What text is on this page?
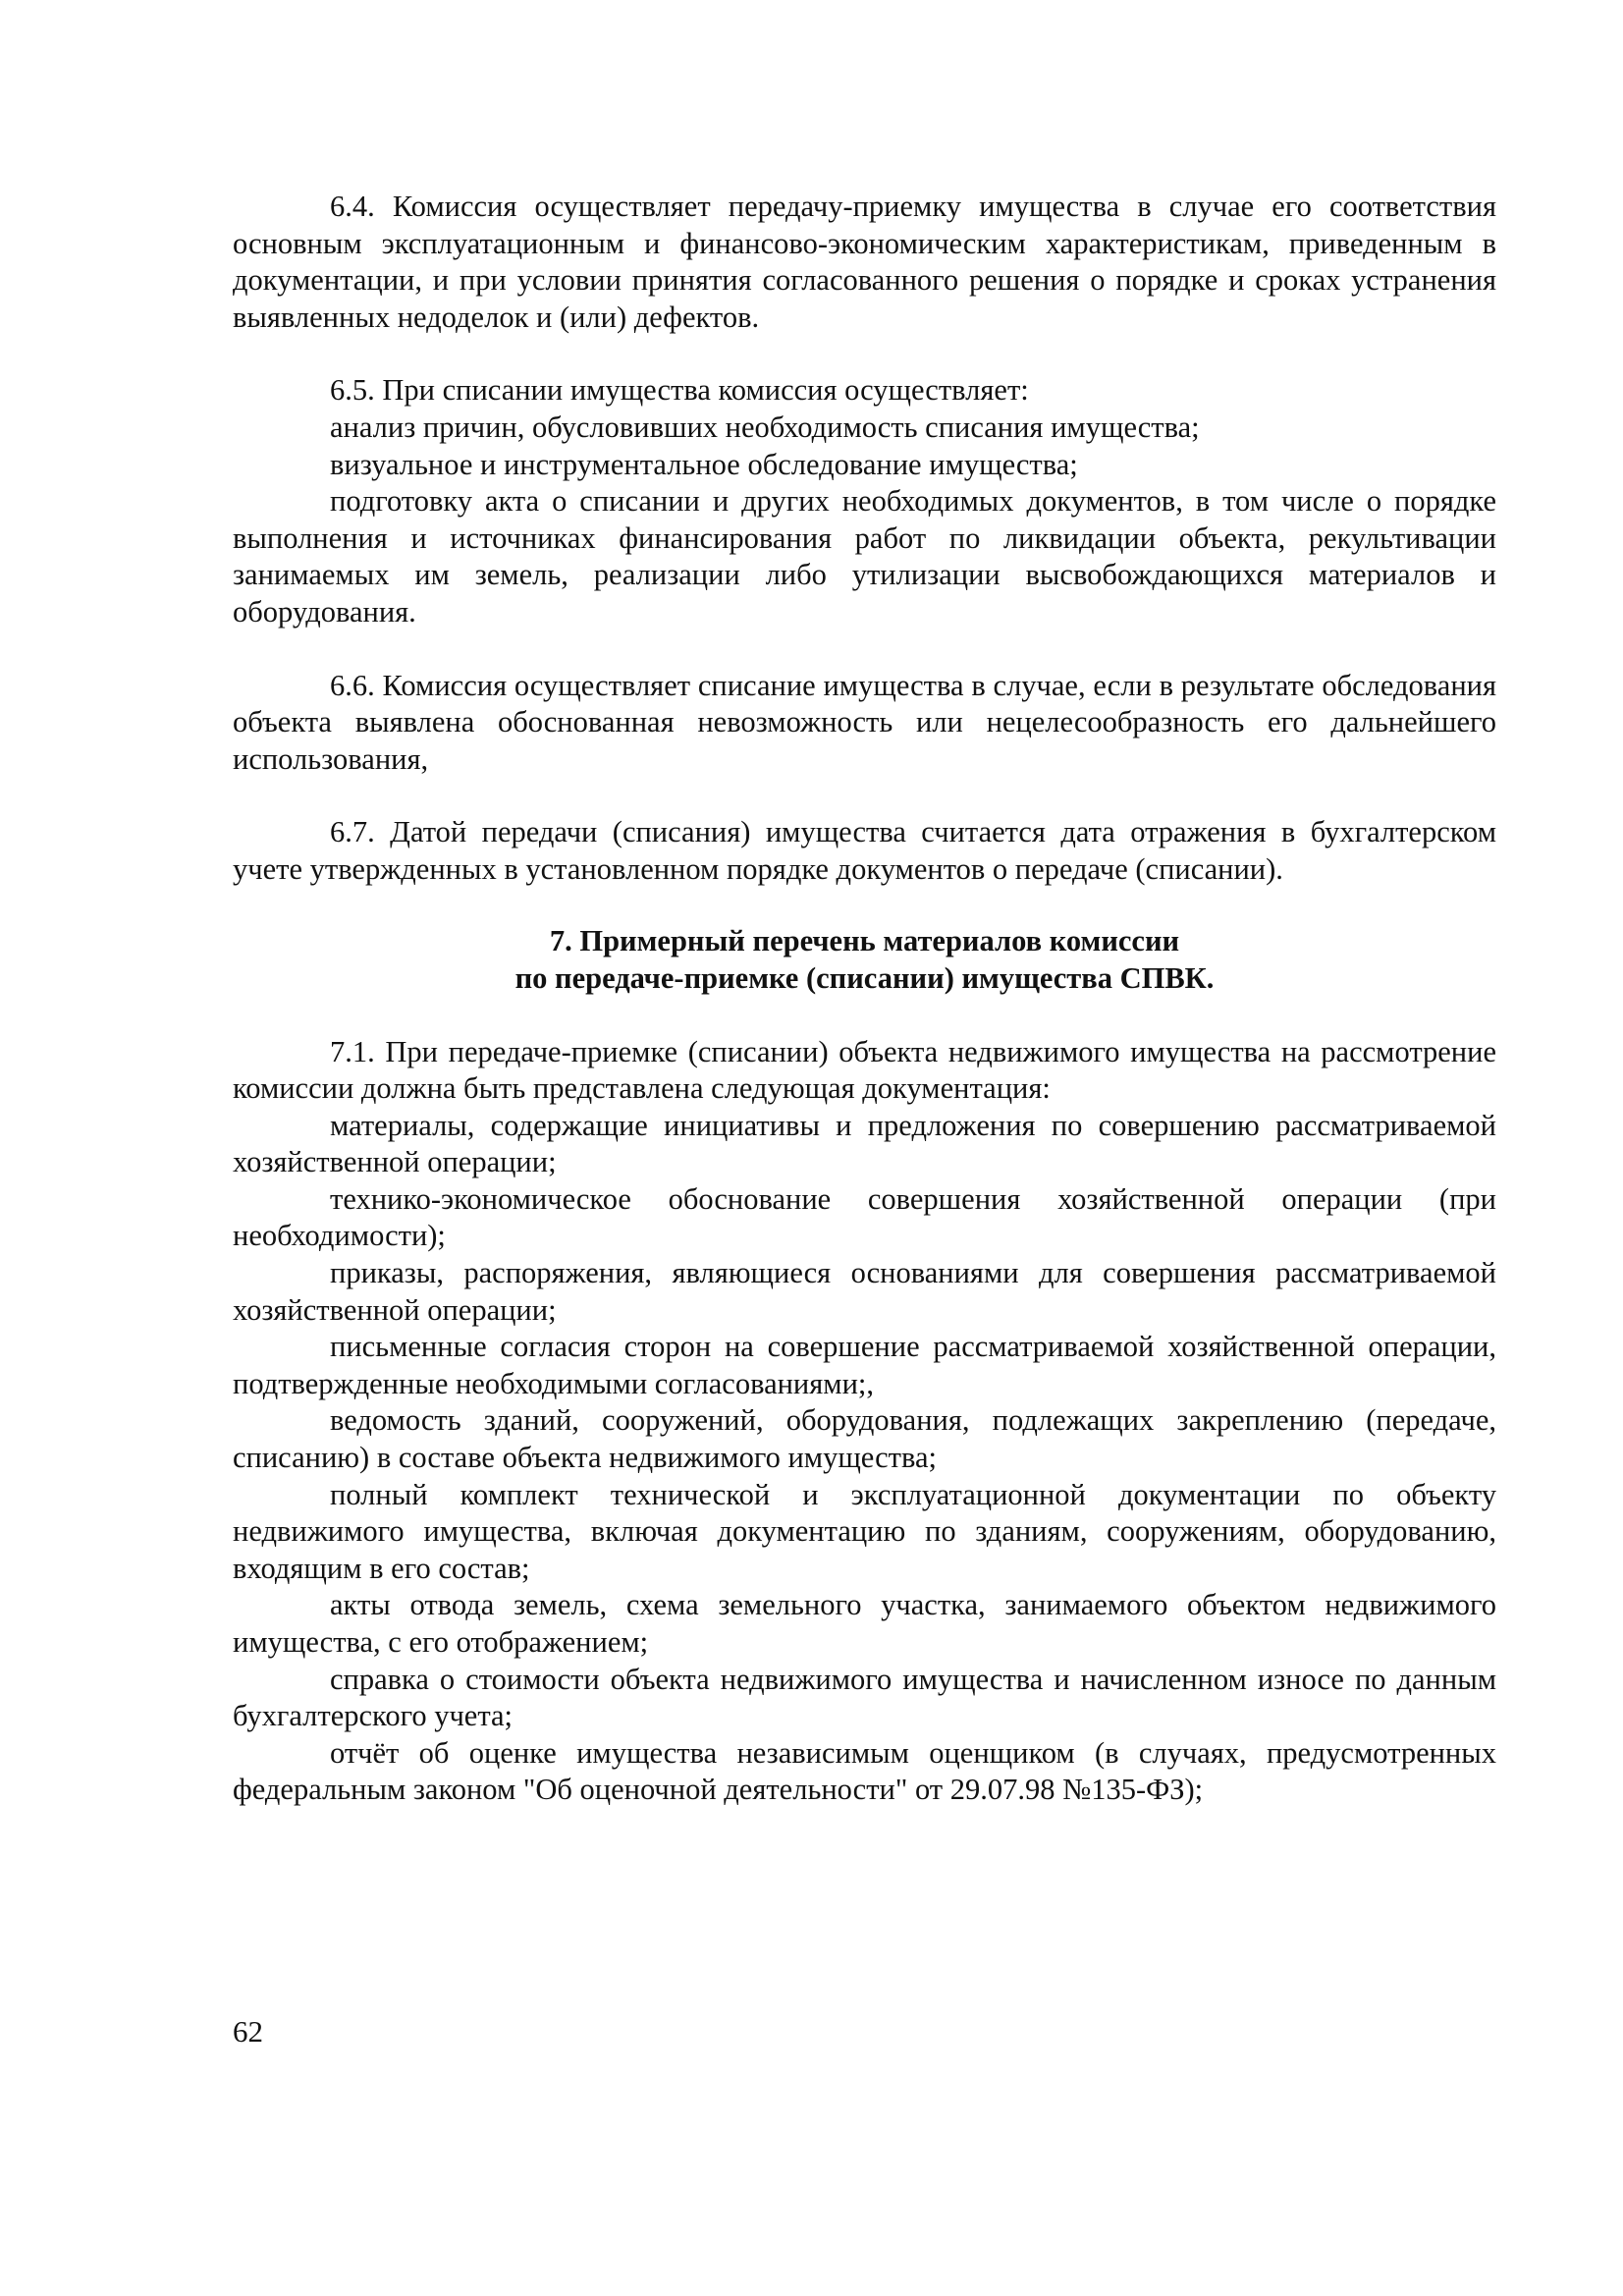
6.4. Комиссия осуществляет передачу-приемку имущества в случае его соответствия основным эксплуатационным и финансово-экономическим характеристикам, приведенным в документации, и при условии принятия согласованного решения о порядке и сроках устранения выявленных недоделок и (или) дефектов.

6.5. При списании имущества комиссия осуществляет:

анализ причин, обусловивших необходимость списания имущества;

визуальное и инструментальное обследование имущества;

подготовку акта о списании и других необходимых документов, в том числе о порядке выполнения и источниках финансирования работ по ликвидации объекта, рекультивации занимаемых им земель, реализации либо утилизации высвобождающихся материалов и оборудования.

6.6. Комиссия осуществляет списание имущества в случае, если в результате обследования объекта выявлена обоснованная невозможность или нецелесообразность его дальнейшего использования,

6.7. Датой передачи (списания) имущества считается дата отражения в бухгалтерском учете утвержденных в установленном порядке документов о передаче (списании).

7. Примерный перечень материалов комиссии
по передаче-приемке (списании) имущества СПВК.

7.1. При передаче-приемке (списании) объекта недвижимого имущества на рассмотрение комиссии должна быть представлена следующая документация:

материалы, содержащие инициативы и предложения по совершению рассматриваемой хозяйственной операции;

технико-экономическое обоснование совершения хозяйственной операции (при необходимости);

приказы, распоряжения, являющиеся основаниями для совершения рассматриваемой хозяйственной операции;

письменные согласия сторон на совершение рассматриваемой хозяйственной операции, подтвержденные необходимыми согласованиями;,

ведомость зданий, сооружений, оборудования, подлежащих закреплению (передаче, списанию) в составе объекта недвижимого имущества;

полный комплект технической и эксплуатационной документации по объекту недвижимого имущества, включая документацию по зданиям, сооружениям, оборудованию, входящим в его состав;

акты отвода земель, схема земельного участка, занимаемого объектом недвижимого имущества, с его отображением;

справка о стоимости объекта недвижимого имущества и начисленном износе по данным бухгалтерского учета;

отчёт об оценке имущества независимым оценщиком (в случаях, предусмотренных федеральным законом "Об оценочной деятельности" от 29.07.98 №135-ФЗ);

62
